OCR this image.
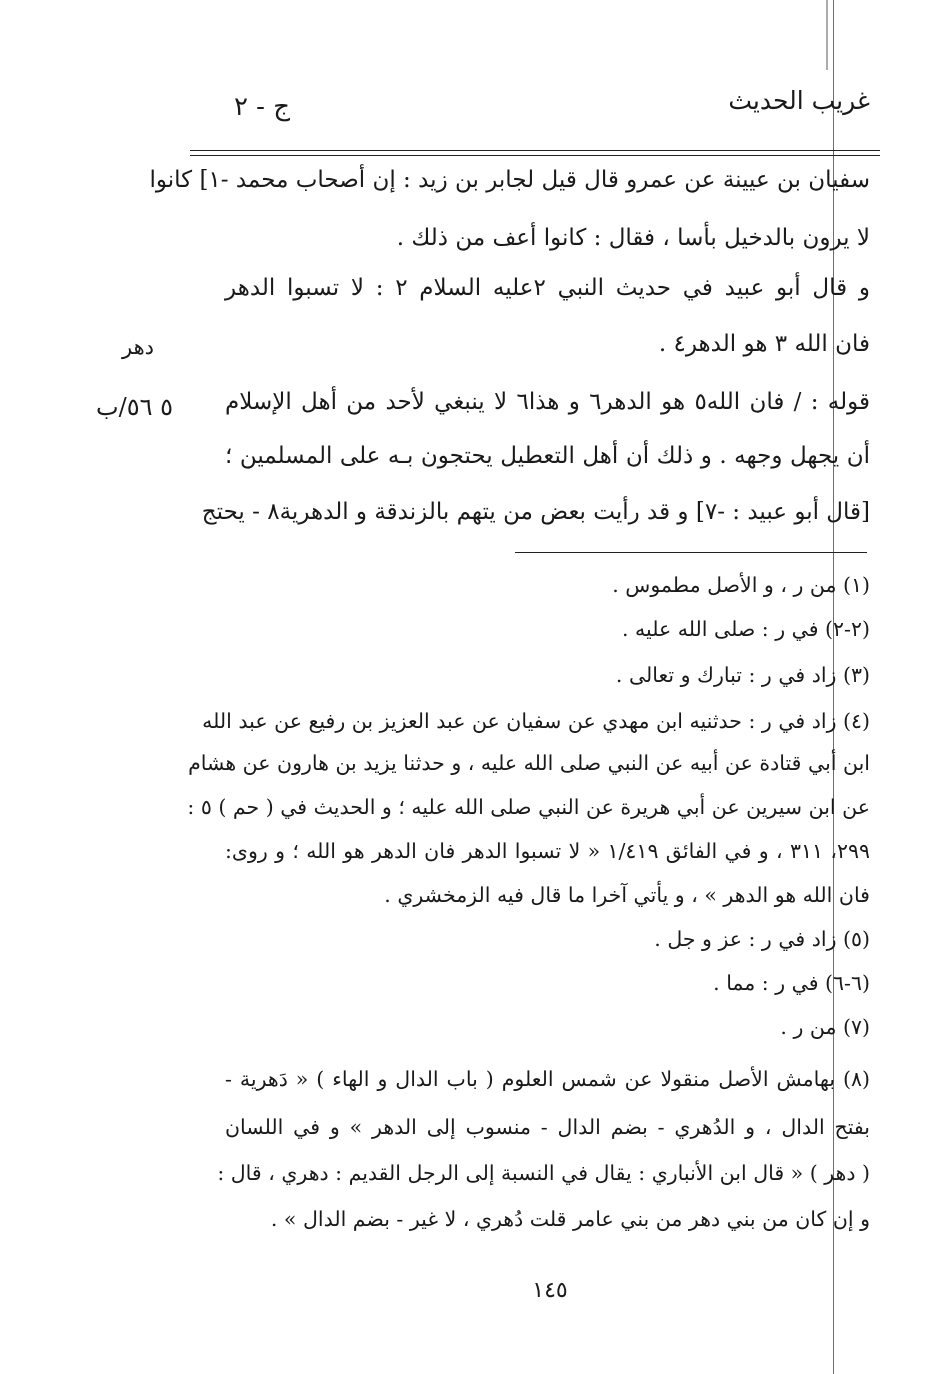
ج - ٢	غريب الحديث
سفيان بن عيينة عن عمرو قال قيل لجابر بن زيد : إن أصحاب محمد -١] كانوا
لا يرون بالدخيل بأسا ، فقال : كانوا أعف من ذلك .
و قال أبو عبيد في حديث النبي ٢عليه السلام ٢ : لا تسبوا الدهر
فان الله ٣ هو الدهر٤ .
قوله : / فان الله٥ هو الدهر٦ و هذا٦ لا ينبغي لأحد من أهل الإسلام
أن يجهل وجهه . و ذلك أن أهل التعطيل يحتجون بـه على المسلمين ؛
[قال أبو عبيد : -٧] و قد رأيت بعض من يتهم بالزندقة و الدهرية٨ - يحتج
دهر
٥ ٥٦/ب
(١) من ر ، و الأصل مطموس .
(٢-٢) في ر : صلى الله عليه .
(٣) زاد في ر : تبارك و تعالى .
(٤) زاد في ر : حدثنيه ابن مهدي عن سفيان عن عبد العزيز بن رفيع عن عبد الله
ابن أبي قتادة عن أبيه عن النبي صلى الله عليه ، و حدثنا يزيد بن هارون عن هشام
عن ابن سيرين عن أبي هريرة عن النبي صلى الله عليه ؛ و الحديث في ( حم ) ٥ :
٢٩٩، ٣١١ ، و في الفائق ١/٤١٩ « لا تسبوا الدهر فان الدهر هو الله ؛ و روى:
فان الله هو الدهر » ، و يأتي آخرا ما قال فيه الزمخشري .
(٥) زاد في ر : عز و جل .
(٦-٦) في ر : مما .
(٧) من ر .
(٨) بهامش الأصل منقولا عن شمس العلوم ( باب الدال و الهاء ) « دَهرية -
بفتح الدال ، و الدُهري - بضم الدال - منسوب إلى الدهر » و في اللسان
( دهر ) « قال ابن الأنباري : يقال في النسبة إلى الرجل القديم : دهري ، قال :
و إن كان من بني دهر من بني عامر قلت دُهري ، لا غير - بضم الدال » .
١٤٥
